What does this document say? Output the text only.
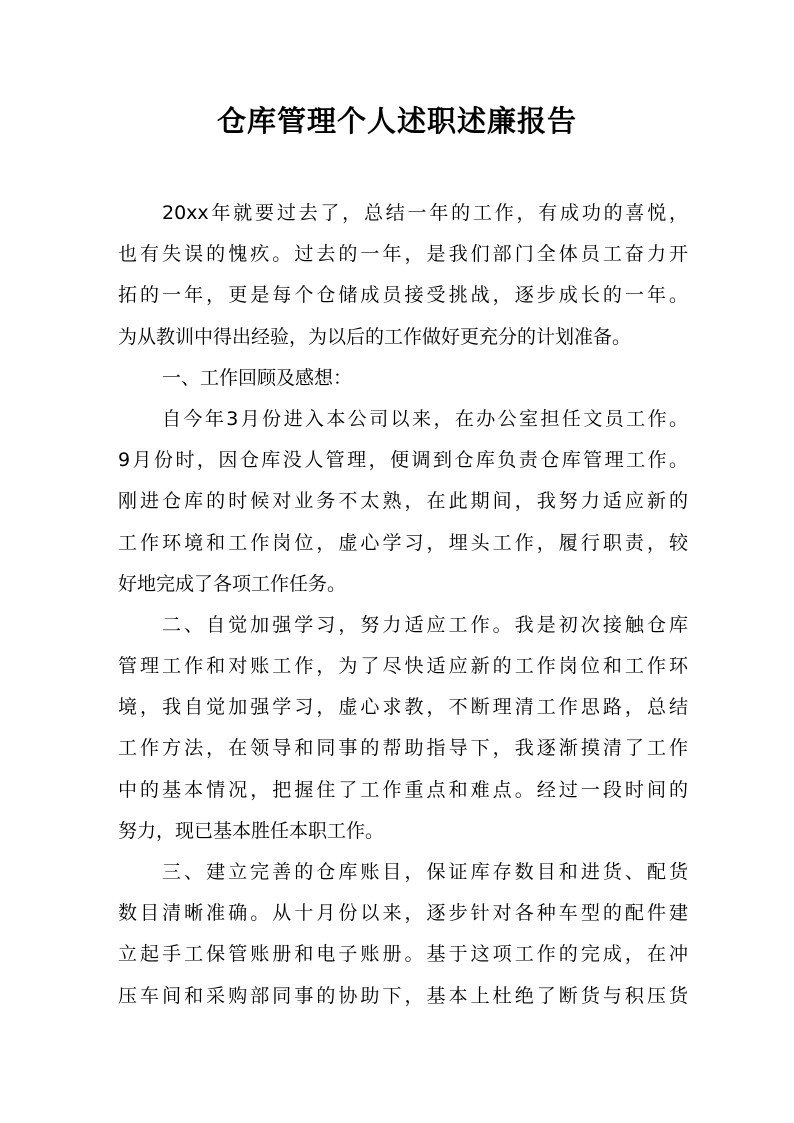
仓库管理个人述职述廉报告
20xx年就要过去了，总结一年的工作，有成功的喜悦，
也有失误的愧疚。过去的一年，是我们部门全体员工奋力开
拓的一年，更是每个仓储成员接受挑战，逐步成长的一年。
为从教训中得出经验，为以后的工作做好更充分的计划准备。
一、工作回顾及感想：
自今年3月份进入本公司以来，在办公室担任文员工作。
9月份时，因仓库没人管理，便调到仓库负责仓库管理工作。
刚进仓库的时候对业务不太熟，在此期间，我努力适应新的
工作环境和工作岗位，虚心学习，埋头工作，履行职责，较
好地完成了各项工作任务。
二、自觉加强学习，努力适应工作。我是初次接触仓库
管理工作和对账工作，为了尽快适应新的工作岗位和工作环
境，我自觉加强学习，虚心求教，不断理清工作思路，总结
工作方法，在领导和同事的帮助指导下，我逐渐摸清了工作
中的基本情况，把握住了工作重点和难点。经过一段时间的
努力，现已基本胜任本职工作。
三、建立完善的仓库账目，保证库存数目和进货、配货
数目清晰准确。从十月份以来，逐步针对各种车型的配件建
立起手工保管账册和电子账册。基于这项工作的完成，在冲
压车间和采购部同事的协助下，基本上杜绝了断货与积压货
